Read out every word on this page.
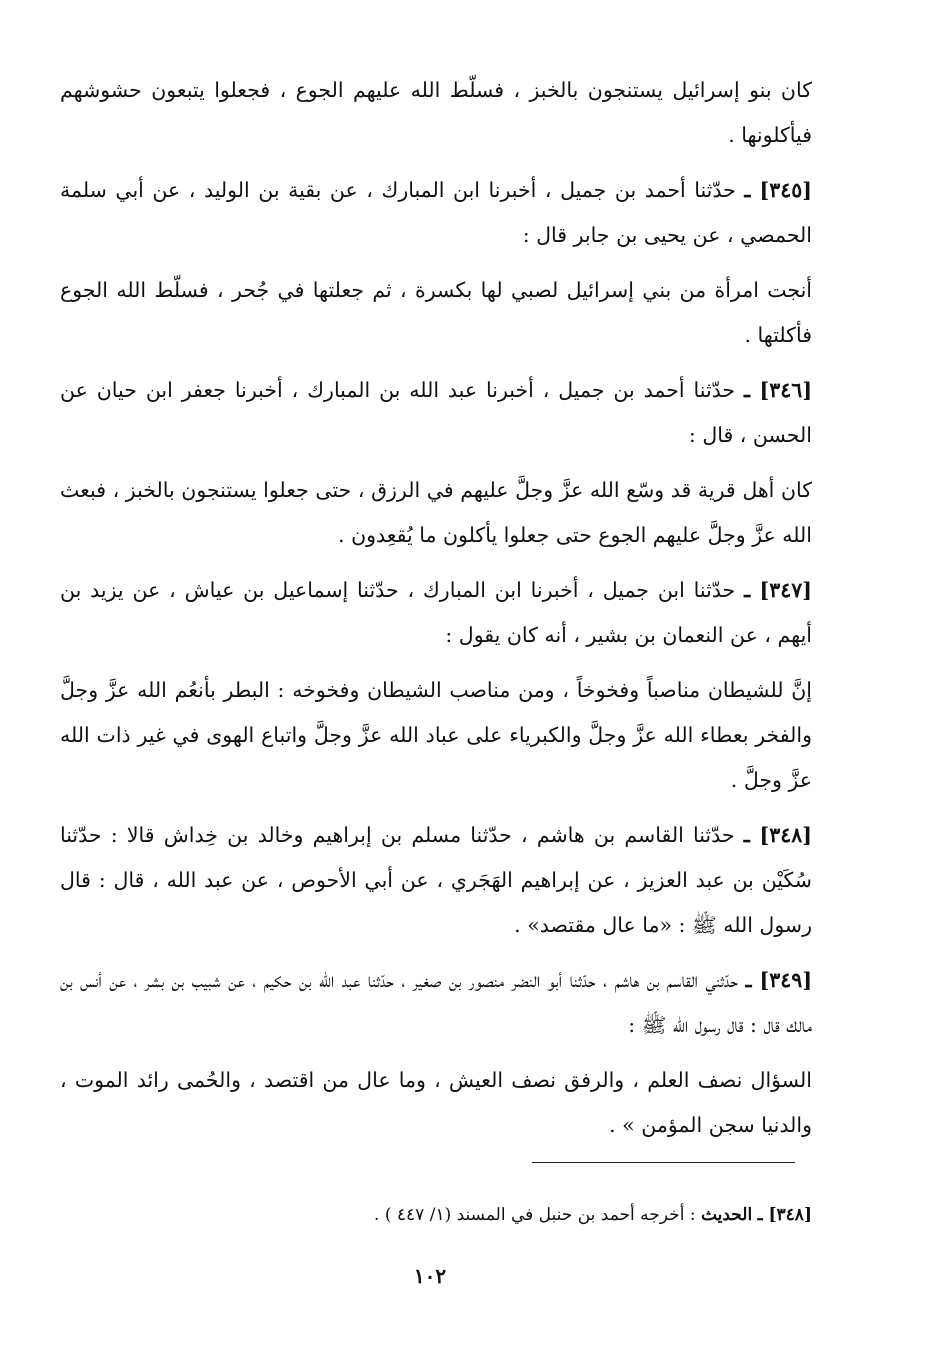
كان بنو إسرائيل يستنجون بالخبز ، فسلّط الله عليهم الجوع ، فجعلوا يتبعون حشوشهم فيأكلونها .

[٣٤٥] ـ حدّثنا أحمد بن جميل ، أخبرنا ابن المبارك ، عن بقية بن الوليد ، عن أبي سلمة الحمصي ، عن يحيى بن جابر قال :

أنجت امرأة من بني إسرائيل لصبي لها بكسرة ، ثم جعلتها في جُحر ، فسلّط الله الجوع فأكلتها .

[٣٤٦] ـ حدّثنا أحمد بن جميل ، أخبرنا عبد الله بن المبارك ، أخبرنا جعفر ابن حيان عن الحسن ، قال :

كان أهل قرية قد وسّع الله عزَّ وجلَّ عليهم في الرزق ، حتى جعلوا يستنجون بالخبز ، فبعث الله عزَّ وجلَّ عليهم الجوع حتى جعلوا يأكلون ما يُقعِدون .

[٣٤٧] ـ حدّثنا ابن جميل ، أخبرنا ابن المبارك ، حدّثنا إسماعيل بن عياش ، عن يزيد بن أيهم ، عن النعمان بن بشير ، أنه كان يقول :

إنَّ للشيطان مناصباً وفخوخاً ، ومن مناصب الشيطان وفخوخه : البطر بأنعُم الله عزَّ وجلَّ والفخر بعطاء الله عزَّ وجلَّ والكبرياء على عباد الله عزَّ وجلَّ واتباع الهوى في غير ذات الله عزَّ وجلَّ .

[٣٤٨] ـ حدّثنا القاسم بن هاشم ، حدّثنا مسلم بن إبراهيم وخالد بن خِداش قالا : حدّثنا سُكَيْن بن عبد العزيز ، عن إبراهيم الهَجَري ، عن أبي الأحوص ، عن عبد الله ، قال : قال رسول الله ﷺ : «ما عال مقتصد» .

[٣٤٩] ـ حدّثني القاسم بن هاشم ، حدّثنا أبو النضر منصور بن صغير ، حدّثنا عبد الله بن حكيم ، عن شبيب بن بشر ، عن أنس بن مالك قال : قال رسول الله ﷺ :

السؤال نصف العلم ، والرفق نصف العيش ، وما عال من اقتصد ، والحُمى رائد الموت ، والدنيا سجن المؤمن » .

[٣٤٨] ـ الحديث : أخرجه أحمد بن حنبل في المسند (١/ ٤٤٧ ) .
١٠٢
